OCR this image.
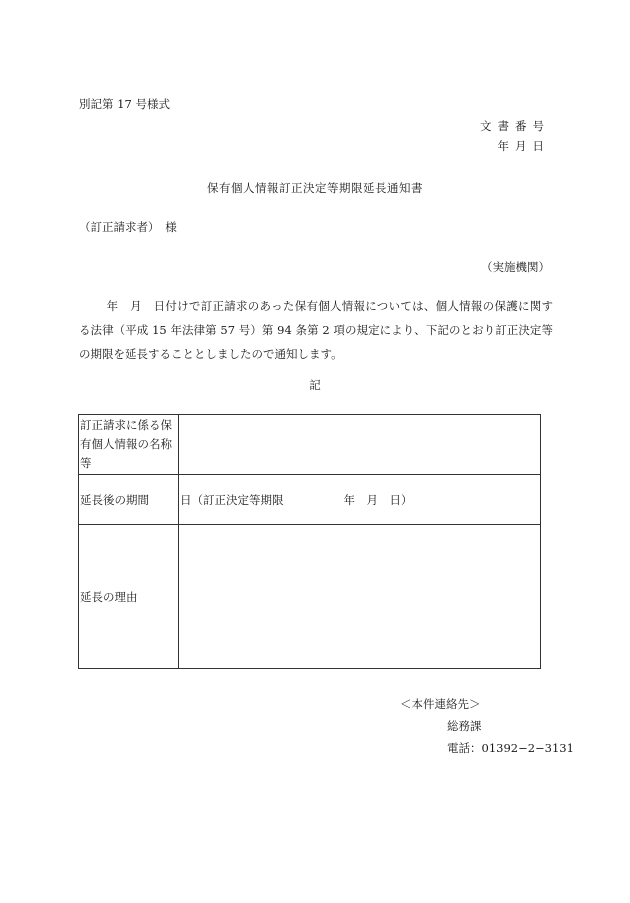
別記第 17 号様式
文書番号
年月日
保有個人情報訂正決定等期限延長通知書
（訂正請求者）　様
（実施機関）
年　月　日付けで訂正請求のあった保有個人情報については、個人情報の保護に関する法律（平成 15 年法律第 57 号）第 94 条第 2 項の規定により、下記のとおり訂正決定等の期限を延長することとしましたので通知します。
記
訂正請求に係る保有個人情報の名称等	
延長後の期間	日（訂正決定等期限 年　月　日）
延長の理由	
＜本件連絡先＞
総務課
電話：01392−2−3131
